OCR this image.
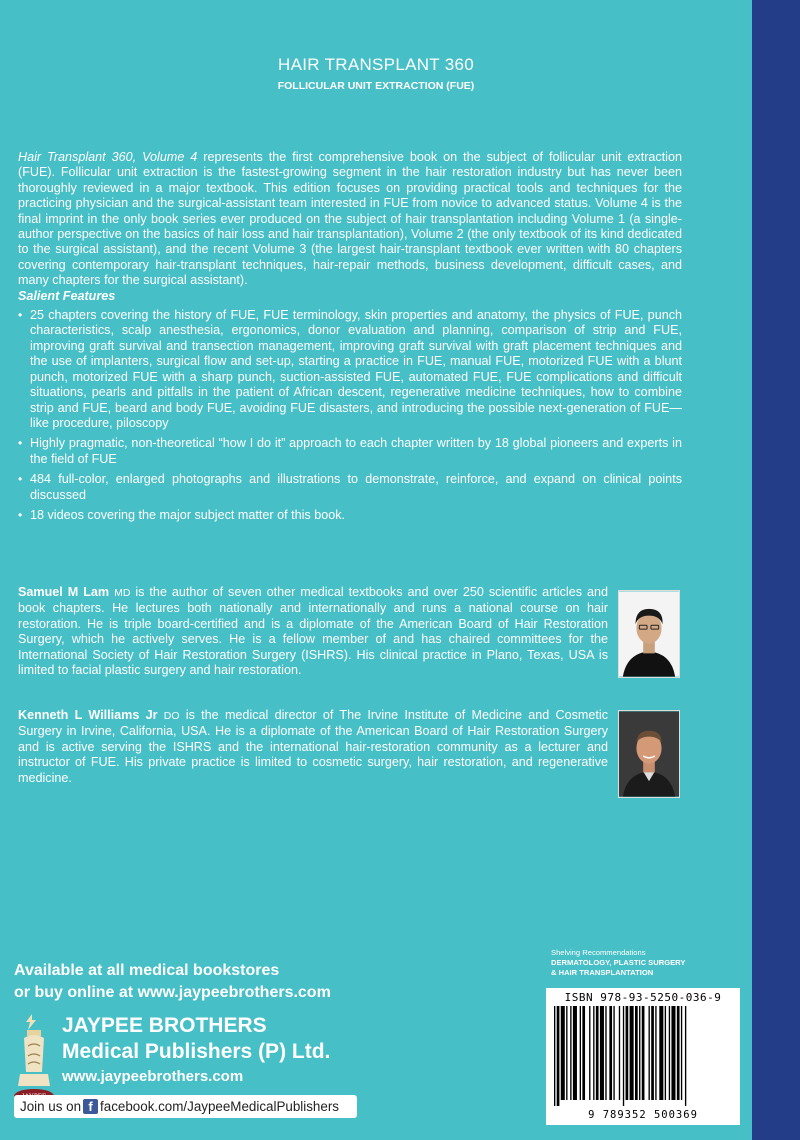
HAIR TRANSPLANT 360
FOLLICULAR UNIT EXTRACTION (FUE)

Hair Transplant 360, Volume 4 represents the first comprehensive book on the subject of follicular unit extraction (FUE). Follicular unit extraction is the fastest-growing segment in the hair restoration industry but has never been thoroughly reviewed in a major textbook. This edition focuses on providing practical tools and techniques for the practicing physician and the surgical-assistant team interested in FUE from novice to advanced status. Volume 4 is the final imprint in the only book series ever produced on the subject of hair transplantation including Volume 1 (a single-author perspective on the basics of hair loss and hair transplantation), Volume 2 (the only textbook of its kind dedicated to the surgical assistant), and the recent Volume 3 (the largest hair-transplant textbook ever written with 80 chapters covering contemporary hair-transplant techniques, hair-repair methods, business development, difficult cases, and many chapters for the surgical assistant).

Salient Features

• 25 chapters covering the history of FUE, FUE terminology, skin properties and anatomy, the physics of FUE, punch characteristics, scalp anesthesia, ergonomics, donor evaluation and planning, comparison of strip and FUE, improving graft survival and transection management, improving graft survival with graft placement techniques and the use of implanters, surgical flow and set-up, starting a practice in FUE, manual FUE, motorized FUE with a blunt punch, motorized FUE with a sharp punch, suction-assisted FUE, automated FUE, FUE complications and difficult situations, pearls and pitfalls in the patient of African descent, regenerative medicine techniques, how to combine strip and FUE, beard and body FUE, avoiding FUE disasters, and introducing the possible next-generation of FUE—like procedure, piloscopy
• Highly pragmatic, non-theoretical “how I do it” approach to each chapter written by 18 global pioneers and experts in the field of FUE
• 484 full-color, enlarged photographs and illustrations to demonstrate, reinforce, and expand on clinical points discussed
• 18 videos covering the major subject matter of this book.
Samuel M Lam MD is the author of seven other medical textbooks and over 250 scientific articles and book chapters. He lectures both nationally and internationally and runs a national course on hair restoration. He is triple board-certified and is a diplomate of the American Board of Hair Restoration Surgery, which he actively serves. He is a fellow member of and has chaired committees for the International Society of Hair Restoration Surgery (ISHRS). His clinical practice in Plano, Texas, USA is limited to facial plastic surgery and hair restoration.
Kenneth L Williams Jr DO is the medical director of The Irvine Institute of Medicine and Cosmetic Surgery in Irvine, California, USA. He is a diplomate of the American Board of Hair Restoration Surgery and is active serving the ISHRS and the international hair-restoration community as a lecturer and instructor of FUE. His private practice is limited to cosmetic surgery, hair restoration, and regenerative medicine.
Shelving Recommendations
DERMATOLOGY, PLASTIC SURGERY
& HAIR TRANSPLANTATION
Available at all medical bookstores
or buy online at www.jaypeebrothers.com
JAYPEE BROTHERS
Medical Publishers (P) Ltd.
www.jaypeebrothers.com
Join us on f facebook.com/JaypeeMedicalPublishers
ISBN 978-93-5250-036-9
9 789352 500369
